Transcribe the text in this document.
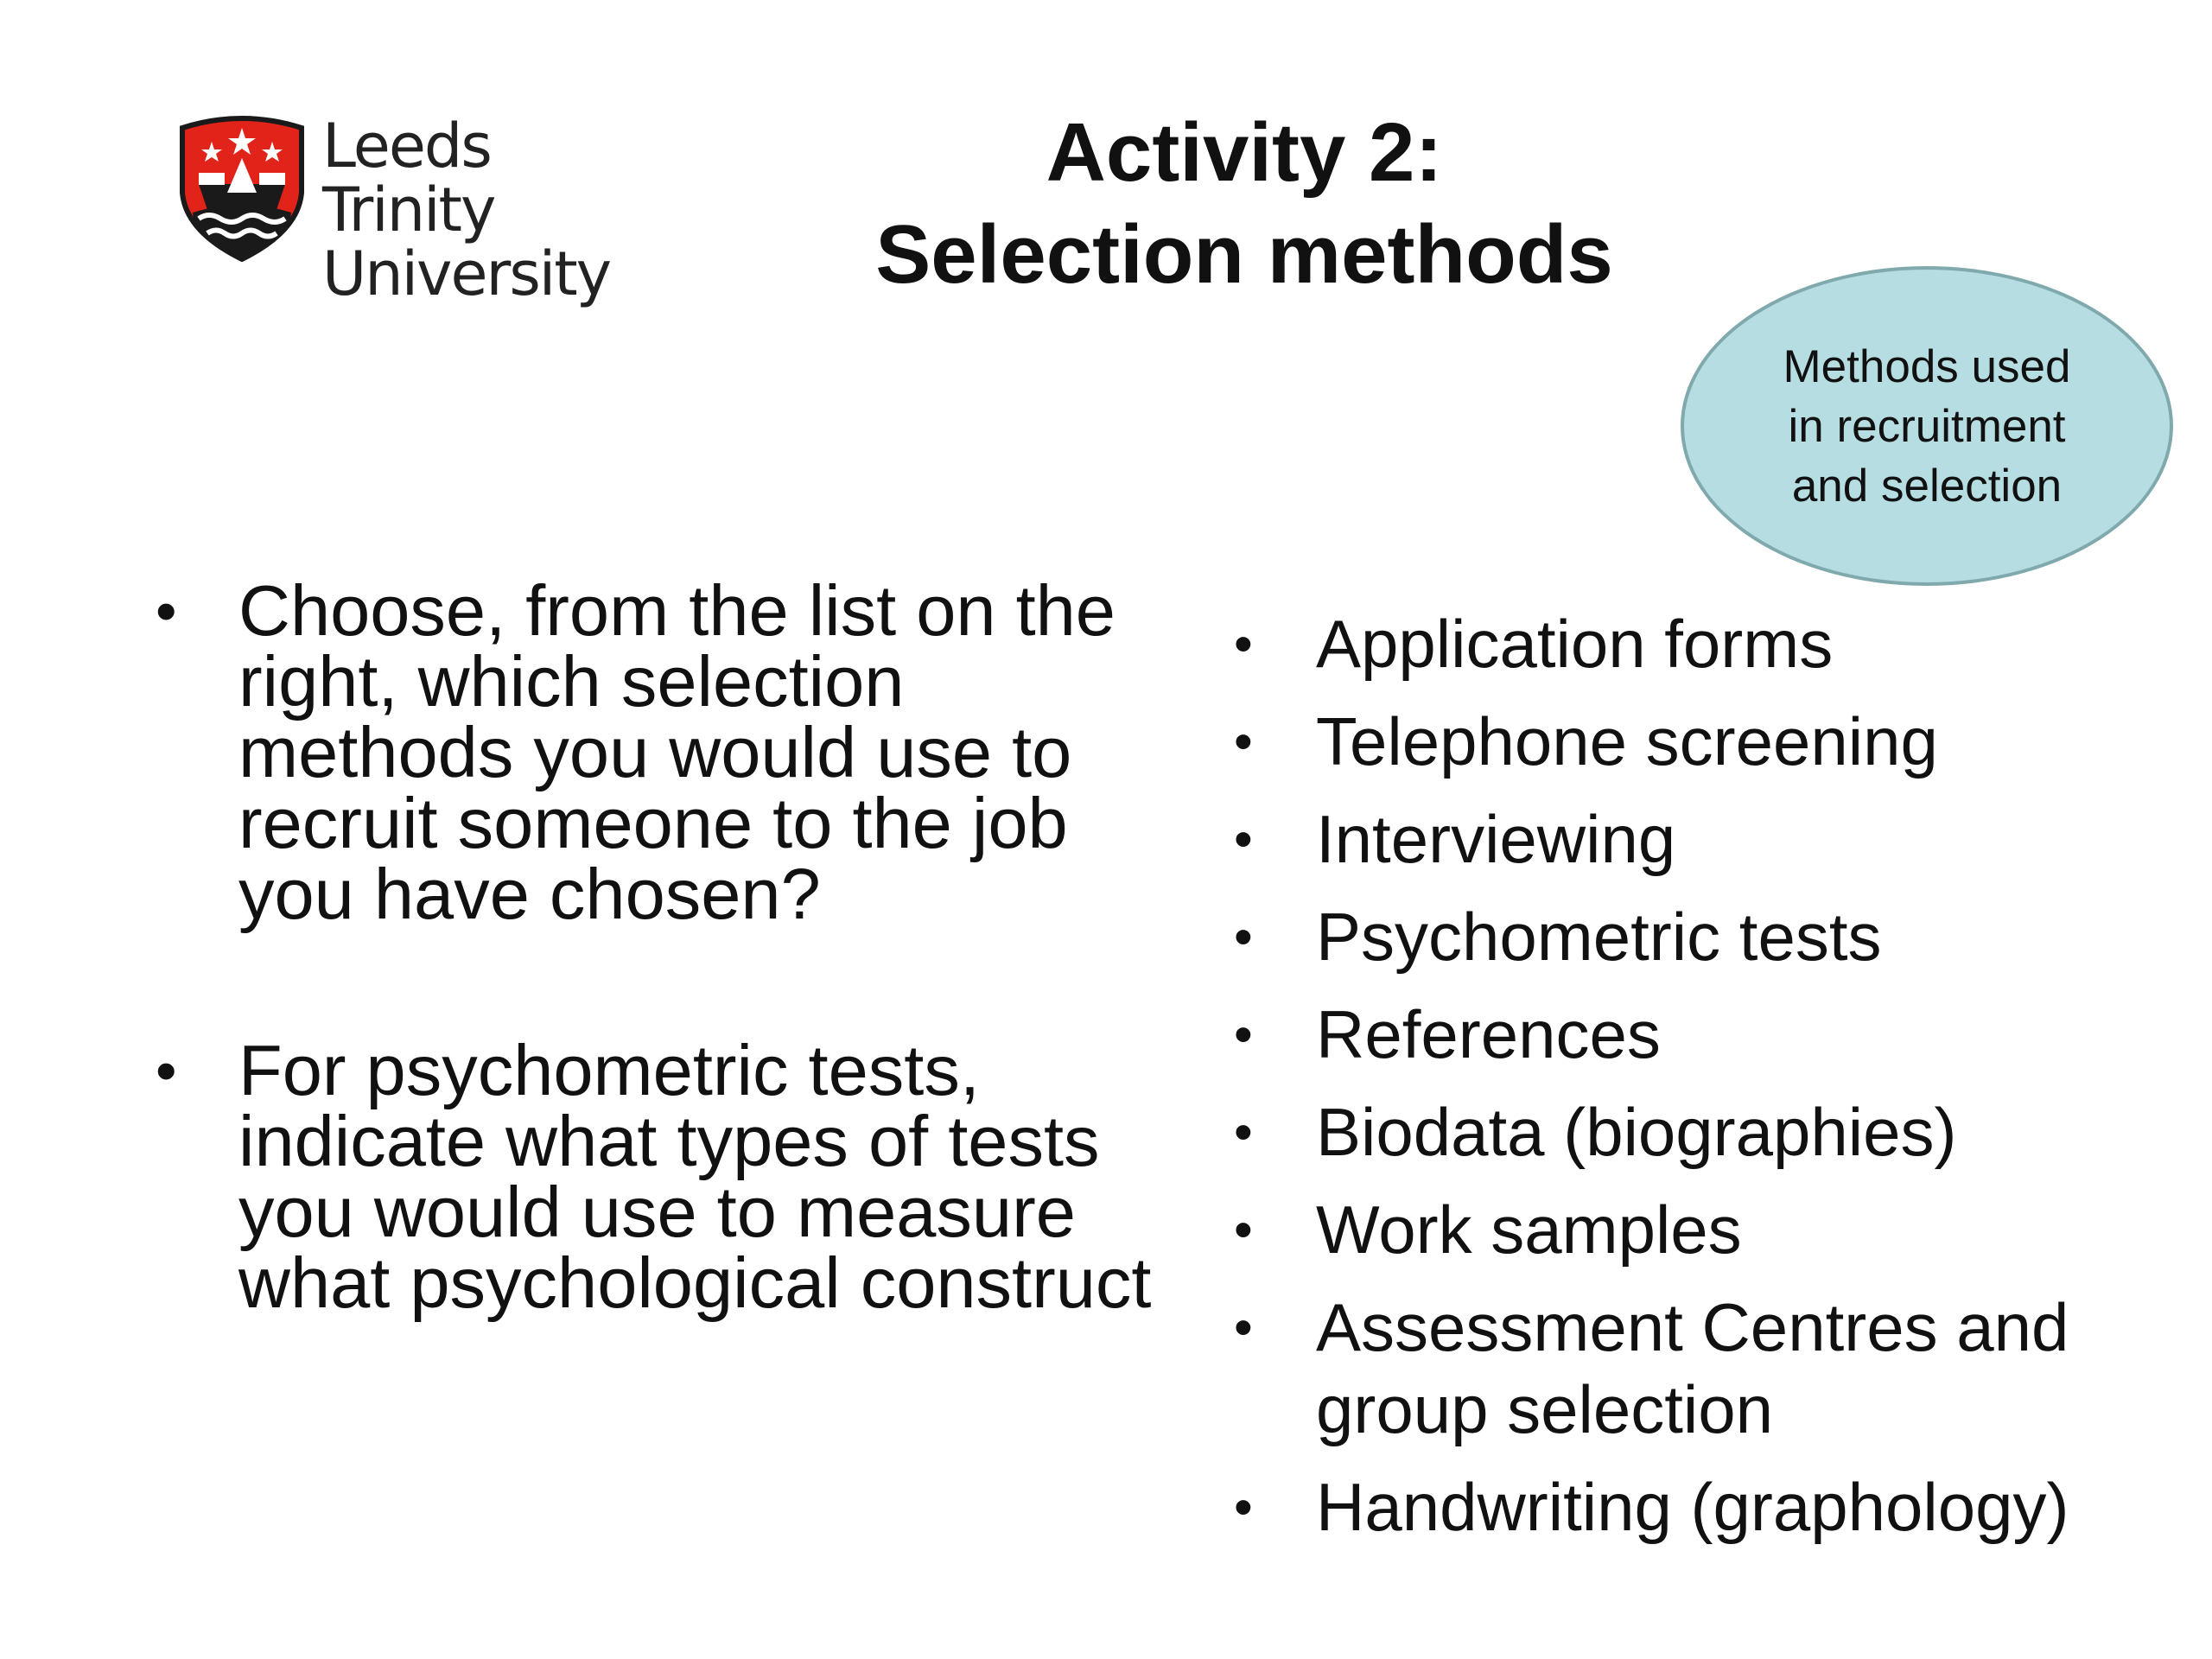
Leeds Trinity
University
Activity 2:
Selection methods
Methods used in recruitment and selection
• Choose, from the list on the right, which selection methods you would use to recruit someone to the job you have chosen?
• For psychometric tests, indicate what types of tests you would use to measure what psychological construct
• Application forms
• Telephone screening
• Interviewing
• Psychometric tests
• References
• Biodata (biographies)
• Work samples
• Assessment Centres and group selection
• Handwriting (graphology)
